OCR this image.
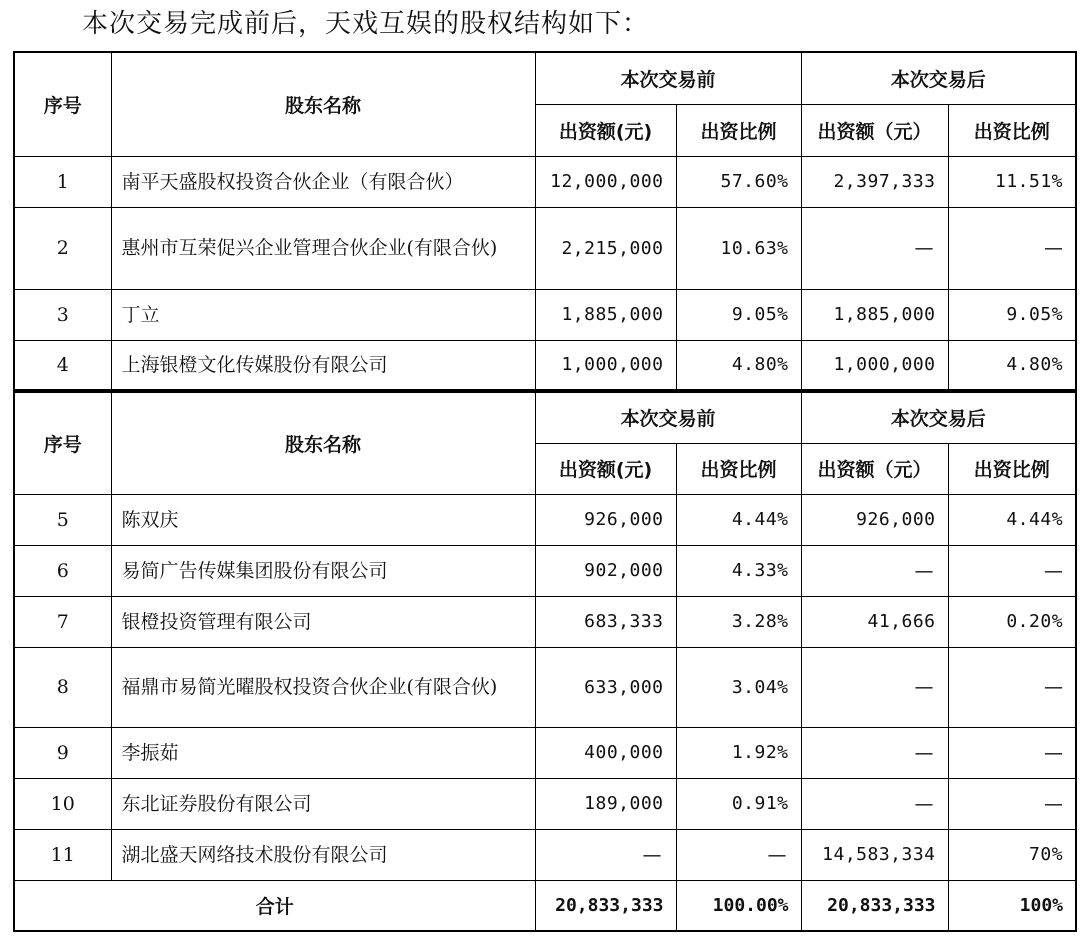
本次交易完成前后，天戏互娱的股权结构如下：
序号	股东名称	本次交易前		本次交易后	
		出资额(元)	出资比例	出资额（元）	出资比例
1	南平天盛股权投资合伙企业（有限合伙）	12,000,000	57.60%	2,397,333	11.51%
2	惠州市互荣促兴企业管理合伙企业(有限合伙)	2,215,000	10.63%	—	—
3	丁立	1,885,000	9.05%	1,885,000	9.05%
4	上海银橙文化传媒股份有限公司	1,000,000	4.80%	1,000,000	4.80%
序号	股东名称	本次交易前		本次交易后	
		出资额(元)	出资比例	出资额（元）	出资比例
5	陈双庆	926,000	4.44%	926,000	4.44%
6	易简广告传媒集团股份有限公司	902,000	4.33%	—	—
7	银橙投资管理有限公司	683,333	3.28%	41,666	0.20%
8	福鼎市易简光曜股权投资合伙企业(有限合伙)	633,000	3.04%	—	—
9	李振茹	400,000	1.92%	—	—
10	东北证券股份有限公司	189,000	0.91%	—	—
11	湖北盛天网络技术股份有限公司	—	—	14,583,334	70%
合计		20,833,333	100.00%	20,833,333	100%
